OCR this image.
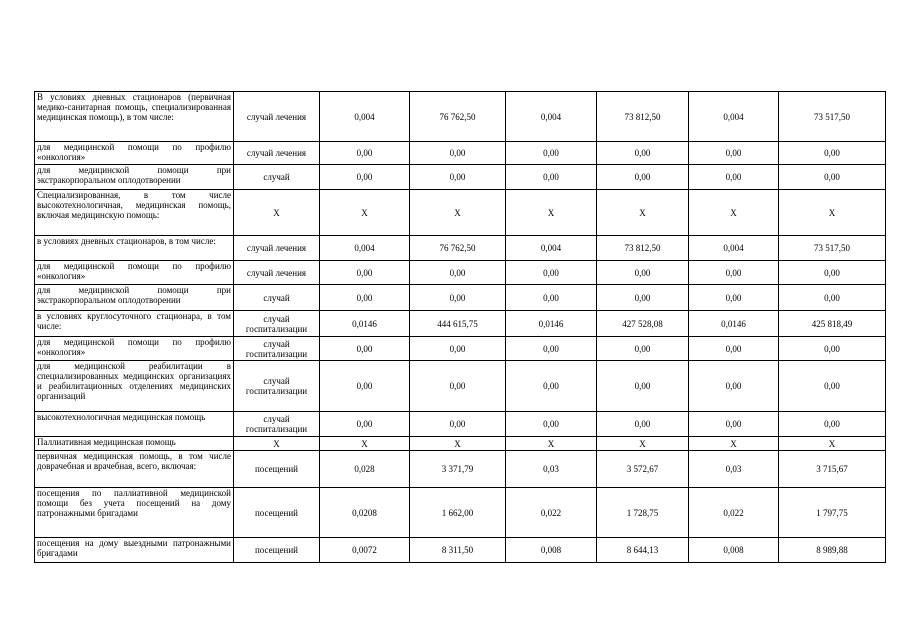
В условиях дневных стационаров (первичная медико-санитарная помощь, специализированная медицинская помощь), в том числе:	случай лечения	0,004	76 762,50	0,004	73 812,50	0,004	73 517,50
для медицинской помощи по профилю «онкология»	случай лечения	0,00	0,00	0,00	0,00	0,00	0,00
для медицинской помощи при экстракорпоральном оплодотворении	случай	0,00	0,00	0,00	0,00	0,00	0,00
Специализированная, в том числе высокотехнологичная, медицинская помощь, включая медицинскую помощь:	Х	Х	Х	Х	Х	Х	Х
в условиях дневных стационаров, в том числе:	случай лечения	0,004	76 762,50	0,004	73 812,50	0,004	73 517,50
для медицинской помощи по профилю «онкология»	случай лечения	0,00	0,00	0,00	0,00	0,00	0,00
для медицинской помощи при экстракорпоральном оплодотворении	случай	0,00	0,00	0,00	0,00	0,00	0,00
в условиях круглосуточного стационара, в том числе:	случай госпитализации	0,0146	444 615,75	0,0146	427 528,08	0,0146	425 818,49
для медицинской помощи по профилю «онкология»	случай госпитализации	0,00	0,00	0,00	0,00	0,00	0,00
для медицинской реабилитации в специализированных медицинских организациях и реабилитационных отделениях медицинских организаций	случай госпитализации	0,00	0,00	0,00	0,00	0,00	0,00
высокотехнологичная медицинская помощь	случай госпитализации	0,00	0,00	0,00	0,00	0,00	0,00
Паллиативная медицинская помощь	Х	Х	Х	Х	Х	Х	Х
первичная медицинская помощь, в том числе доврачебная и врачебная, всего, включая:	посещений	0,028	3 371,79	0,03	3 572,67	0,03	3 715,67
посещения по паллиативной медицинской помощи без учета посещений на дому патронажными бригадами	посещений	0,0208	1 662,00	0,022	1 728,75	0,022	1 797,75
посещения на дому выездными патронажными бригадами	посещений	0,0072	8 311,50	0,008	8 644,13	0,008	8 989,88
